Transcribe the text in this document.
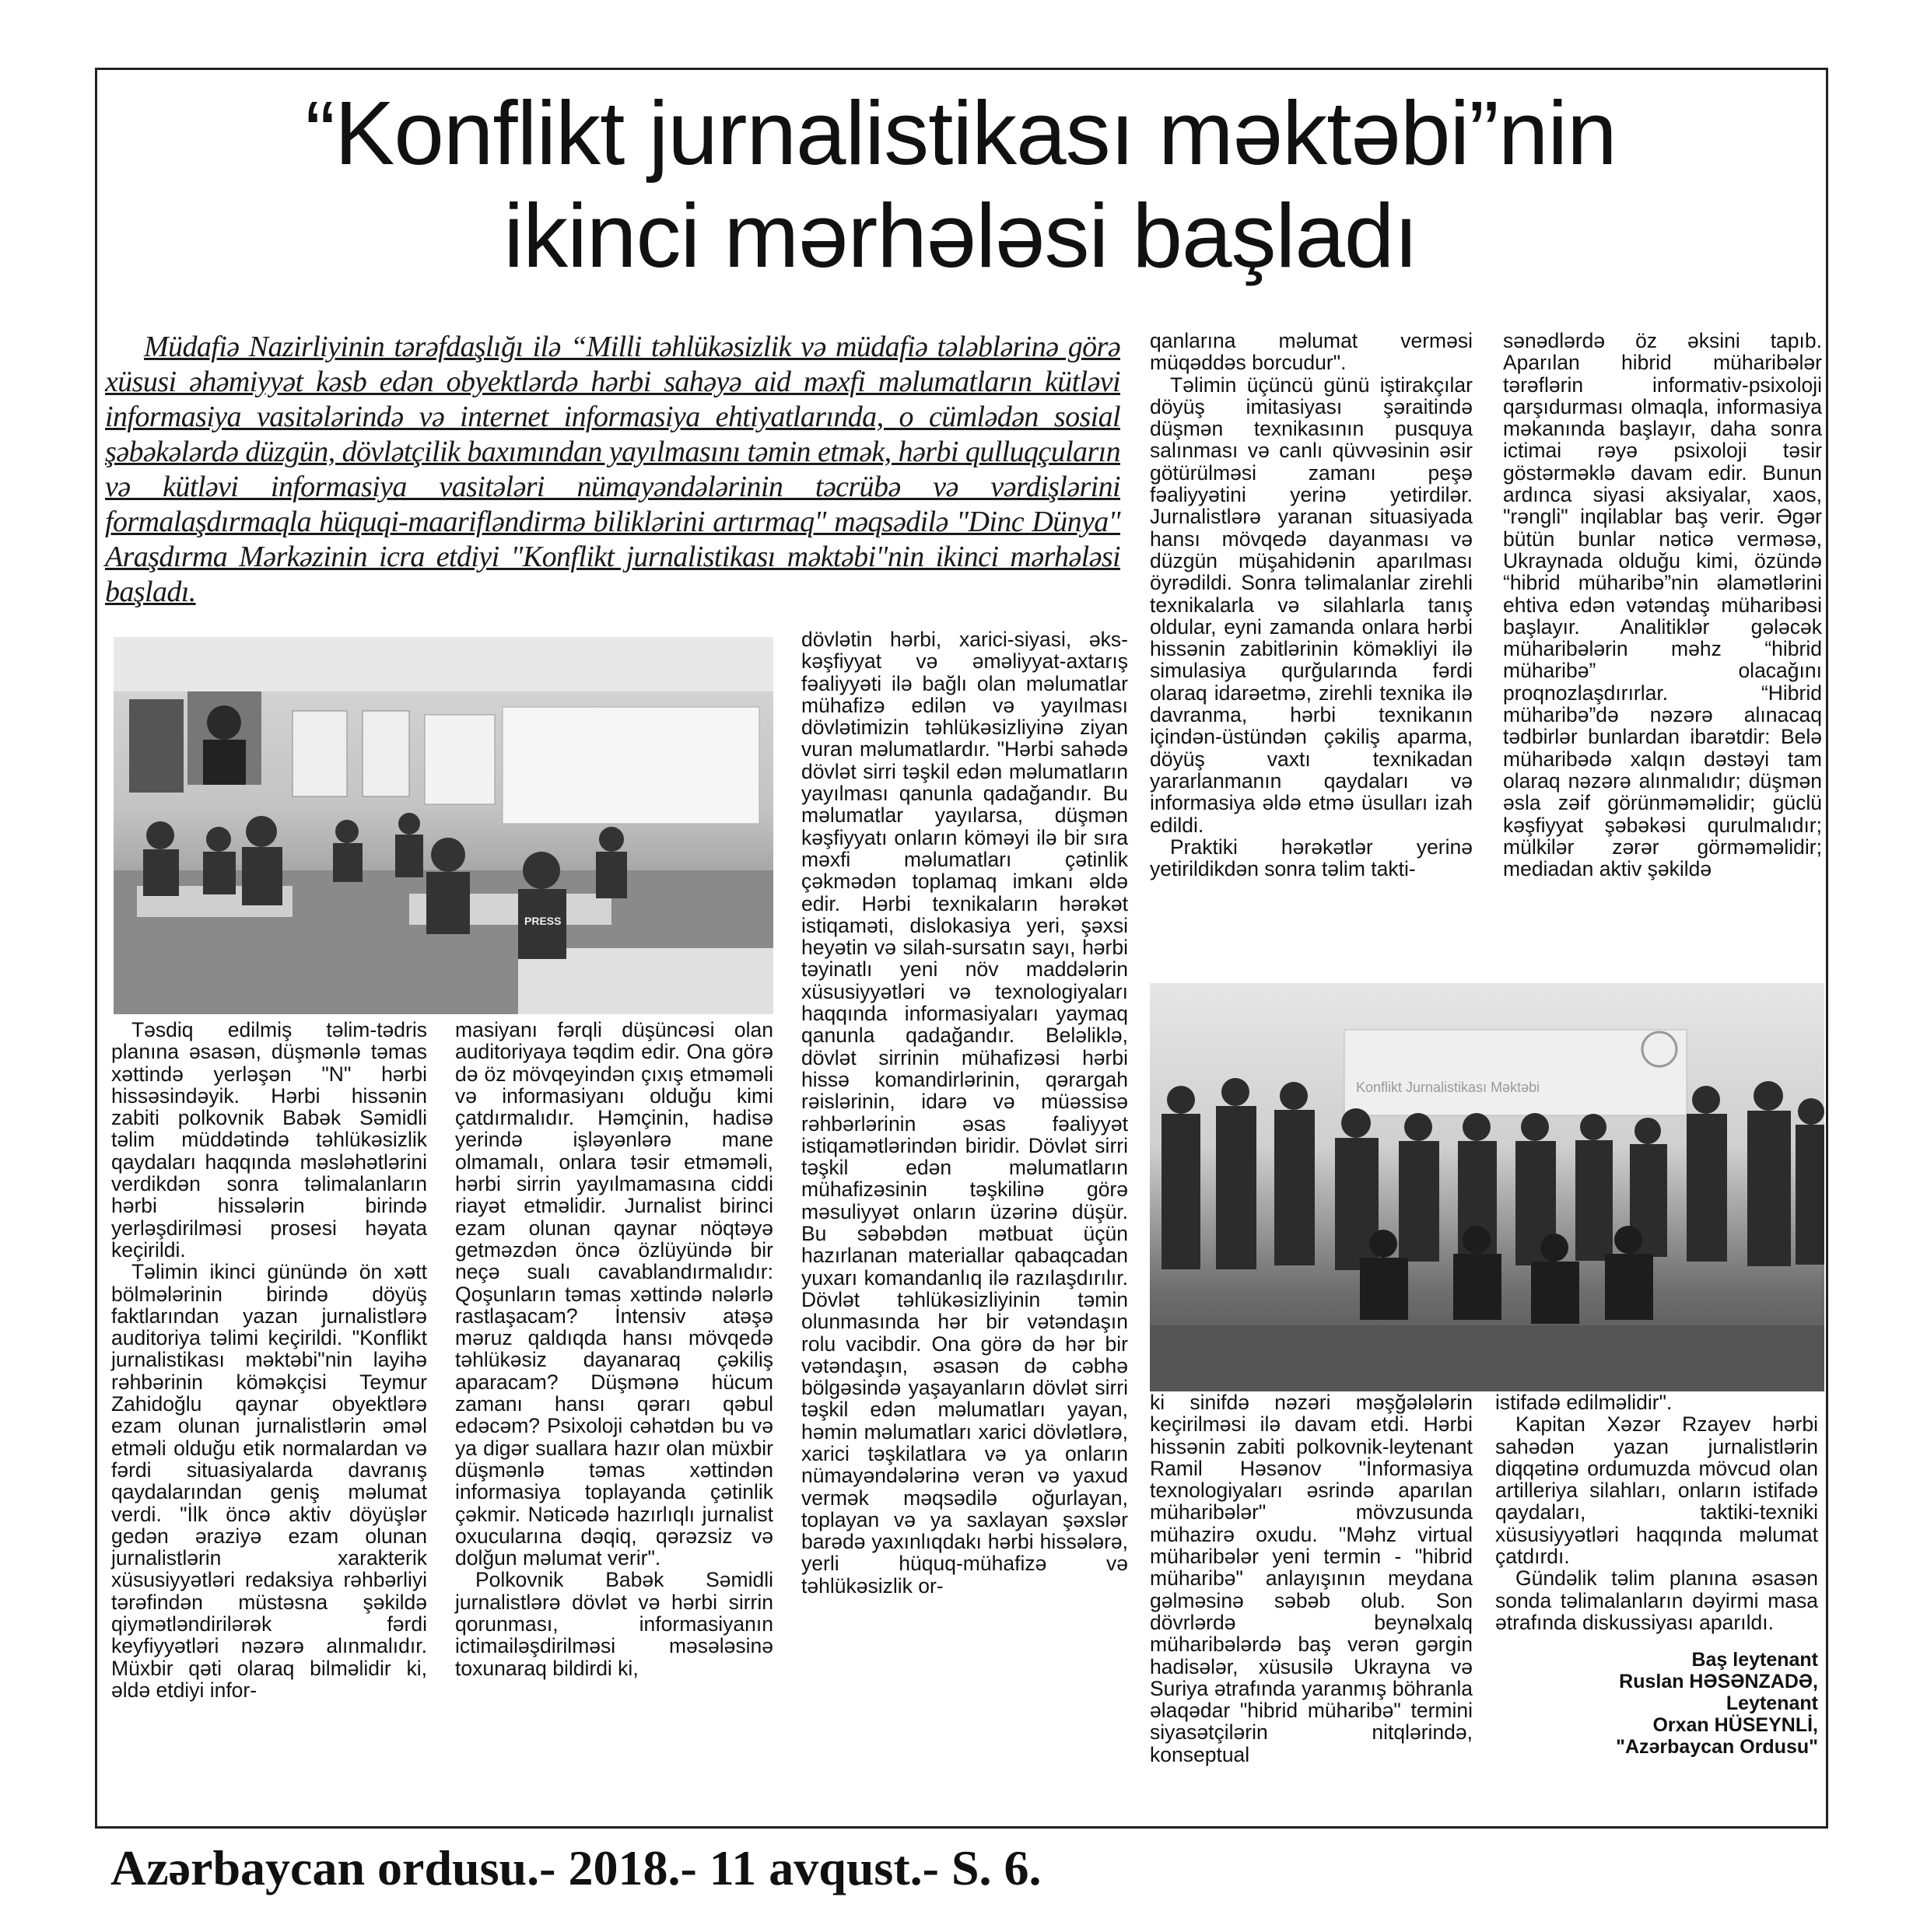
“Konflikt jurnalistikası məktəbi”nin
ikinci mərhələsi başladı
Müdafiə Nazirliyinin tərəfdaşlığı ilə “Milli təhlükəsizlik və müdafiə tələblərinə görə xüsusi əhəmiyyət kəsb edən obyektlərdə hərbi sahəyə aid məxfi məlumatların kütləvi informasiya vasitələrində və internet informasiya ehtiyatlarında, o cümlədən sosial şəbəkələrdə düzgün, dövlətçilik baxımından yayılmasını təmin etmək, hərbi qulluqçuların və kütləvi informasiya vasitələri nümayəndələrinin təcrübə və vərdişlərini formalaşdırmaqla hüquqi-maarifləndirmə biliklərini artırmaq" məqsədilə "Dinc Dünya" Araşdırma Mərkəzinin icra etdiyi "Konflikt jurnalistikası məktəbi"nin ikinci mərhələsi başladı.

qanlarına məlumat verməsi müqəddəs borcudur".

Təlimin üçüncü günü iştirakçılar döyüş imitasiyası şəraitində düşmən texnikasının pusquya salınması və canlı qüvvəsinin əsir götürülməsi zamanı peşə fəaliyyətini yerinə yetirdilər. Jurnalistlərə yaranan situasiyada hansı mövqedə dayanması və düzgün müşahidənin aparılması öyrədildi. Sonra təlimalanlar zirehli texnikalarla və silahlarla tanış oldular, eyni zamanda onlara hərbi hissənin zabitlərinin köməkliyi ilə simulasiya qurğularında fərdi olaraq idarəetmə, zirehli texnika ilə davranma, hərbi texnikanın içindən-üstündən çəkiliş aparma, döyüş vaxtı texnikadan yararlanmanın qaydaları və informasiya əldə etmə üsulları izah edildi.

Praktiki hərəkətlər yerinə yetirildikdən sonra təlim takti-

sənədlərdə öz əksini tapıb. Aparılan hibrid müharibələr tərəflərin informativ-psixoloji qarşıdurması olmaqla, informasiya məkanında başlayır, daha sonra ictimai rəyə psixoloji təsir göstərməklə davam edir. Bunun ardınca siyasi aksiyalar, xaos, "rəngli" inqilablar baş verir. Əgər bütün bunlar nəticə verməsə, Ukraynada olduğu kimi, özündə “hibrid müharibə”nin əlamətlərini ehtiva edən vətəndaş müharibəsi başlayır. Analitiklər gələcək müharibələrin məhz “hibrid müharibə” olacağını proqnozlaşdırırlar. “Hibrid müharibə”də nəzərə alınacaq tədbirlər bunlardan ibarətdir: Belə müharibədə xalqın dəstəyi tam olaraq nəzərə alınmalıdır; düşmən əsla zəif görünməməlidir; güclü kəşfiyyat şəbəkəsi qurulmalıdır; mülkilər zərər görməməlidir; mediadan aktiv şəkildə

PRESS

Təsdiq edilmiş təlim-tədris planına əsasən, düşmənlə təmas xəttində yerləşən "N" hərbi hissəsindəyik. Hərbi hissənin zabiti polkovnik Babək Səmidli təlim müddətində təhlükəsizlik qaydaları haqqında məsləhətlərini verdikdən sonra təlimalanların hərbi hissələrin birində yerləşdirilməsi prosesi həyata keçirildi.

Təlimin ikinci günündə ön xətt bölmələrinin birində döyüş faktlarından yazan jurnalistlərə auditoriya təlimi keçirildi. "Konflikt jurnalistikası məktəbi"nin layihə rəhbərinin köməkçisi Teymur Zahidoğlu qaynar obyektlərə ezam olunan jurnalistlərin əməl etməli olduğu etik normalardan və fərdi situasiyalarda davranış qaydalarından geniş məlumat verdi. "İlk öncə aktiv döyüşlər gedən əraziyə ezam olunan jurnalistlərin xarakterik xüsusiyyətləri redaksiya rəhbərliyi tərəfindən müstəsna şəkildə qiymətləndirilərək fərdi keyfiyyətləri nəzərə alınmalıdır. Müxbir qəti olaraq bilməlidir ki, əldə etdiyi infor-

masiyanı fərqli düşüncəsi olan auditoriyaya təqdim edir. Ona görə də öz mövqeyindən çıxış etməməli və informasiyanı olduğu kimi çatdırmalıdır. Həmçinin, hadisə yerində işləyənlərə mane olmamalı, onlara təsir etməməli, hərbi sirrin yayılmamasına ciddi riayət etməlidir. Jurnalist birinci ezam olunan qaynar nöqtəyə getməzdən öncə özlüyündə bir neçə sualı cavablandırmalıdır: Qoşunların təmas xəttində nələrlə rastlaşacam? İntensiv atəşə məruz qaldıqda hansı mövqedə təhlükəsiz dayanaraq çəkiliş aparacam? Düşmənə hücum zamanı hansı qərarı qəbul edəcəm? Psixoloji cəhətdən bu və ya digər suallara hazır olan müxbir düşmənlə təmas xəttindən informasiya toplayanda çətinlik çəkmir. Nəticədə hazırlıqlı jurnalist oxucularına dəqiq, qərəzsiz və dolğun məlumat verir".

Polkovnik Babək Səmidli jurnalistlərə dövlət və hərbi sirrin qorunması, informasiyanın ictimailəşdirilməsi məsələsinə toxunaraq bildirdi ki,

dövlətin hərbi, xarici-siyasi, əks-kəşfiyyat və əməliyyat-axtarış fəaliyyəti ilə bağlı olan məlumatlar mühafizə edilən və yayılması dövlətimizin təhlükəsizliyinə ziyan vuran məlumatlardır. "Hərbi sahədə dövlət sirri təşkil edən məlumatların yayılması qanunla qadağandır. Bu məlumatlar yayılarsa, düşmən kəşfiyyatı onların köməyi ilə bir sıra məxfi məlumatları çətinlik çəkmədən toplamaq imkanı əldə edir. Hərbi texnikaların hərəkət istiqaməti, dislokasiya yeri, şəxsi heyətin və silah-sursatın sayı, hərbi təyinatlı yeni növ maddələrin xüsusiyyətləri və texnologiyaları haqqında informasiyaları yaymaq qanunla qadağandır. Beləliklə, dövlət sirrinin mühafizəsi hərbi hissə komandirlərinin, qərargah rəislərinin, idarə və müəssisə rəhbərlərinin əsas fəaliyyət istiqamətlərindən biridir. Dövlət sirri təşkil edən məlumatların mühafizəsinin təşkilinə görə məsuliyyət onların üzərinə düşür. Bu səbəbdən mətbuat üçün hazırlanan materiallar qabaqcadan yuxarı komandanlıq ilə razılaşdırılır. Dövlət təhlükəsizliyinin təmin olunmasında hər bir vətəndaşın rolu vacibdir. Ona görə də hər bir vətəndaşın, əsasən də cəbhə bölgəsində yaşayanların dövlət sirri təşkil edən məlumatları yayan, həmin məlumatları xarici dövlətlərə, xarici təşkilatlara və ya onların nümayəndələrinə verən və yaxud vermək məqsədilə oğurlayan, toplayan və ya saxlayan şəxslər barədə yaxınlıqdakı hərbi hissələrə, yerli hüquq-mühafizə və təhlükəsizlik or-

Konflikt Jurnalistikası Məktəbi

ki sinifdə nəzəri məşğələlərin keçirilməsi ilə davam etdi. Hərbi hissənin zabiti polkovnik-leytenant Ramil Həsənov "İnformasiya texnologiyaları əsrində aparılan müharibələr" mövzusunda mühazirə oxudu. "Məhz virtual müharibələr yeni termin - "hibrid müharibə" anlayışının meydana gəlməsinə səbəb olub. Son dövrlərdə beynəlxalq müharibələrdə baş verən gərgin hadisələr, xüsusilə Ukrayna və Suriya ətrafında yaranmış böhranla əlaqədar "hibrid müharibə" termini siyasətçilərin nitqlərində, konseptual

istifadə edilməlidir".

Kapitan Xəzər Rzayev hərbi sahədən yazan jurnalistlərin diqqətinə ordumuzda mövcud olan artilleriya silahları, onların istifadə qaydaları, taktiki-texniki xüsusiyyətləri haqqında məlumat çatdırdı.

Gündəlik təlim planına əsasən sonda təlimalanların dəyirmi masa ətrafında diskussiyası aparıldı.

Baş leytenant
Ruslan HƏSƏNZADƏ,
Leytenant
Orxan HÜSEYNLİ,
"Azərbaycan Ordusu"
Azərbaycan ordusu.- 2018.- 11 avqust.- S. 6.
